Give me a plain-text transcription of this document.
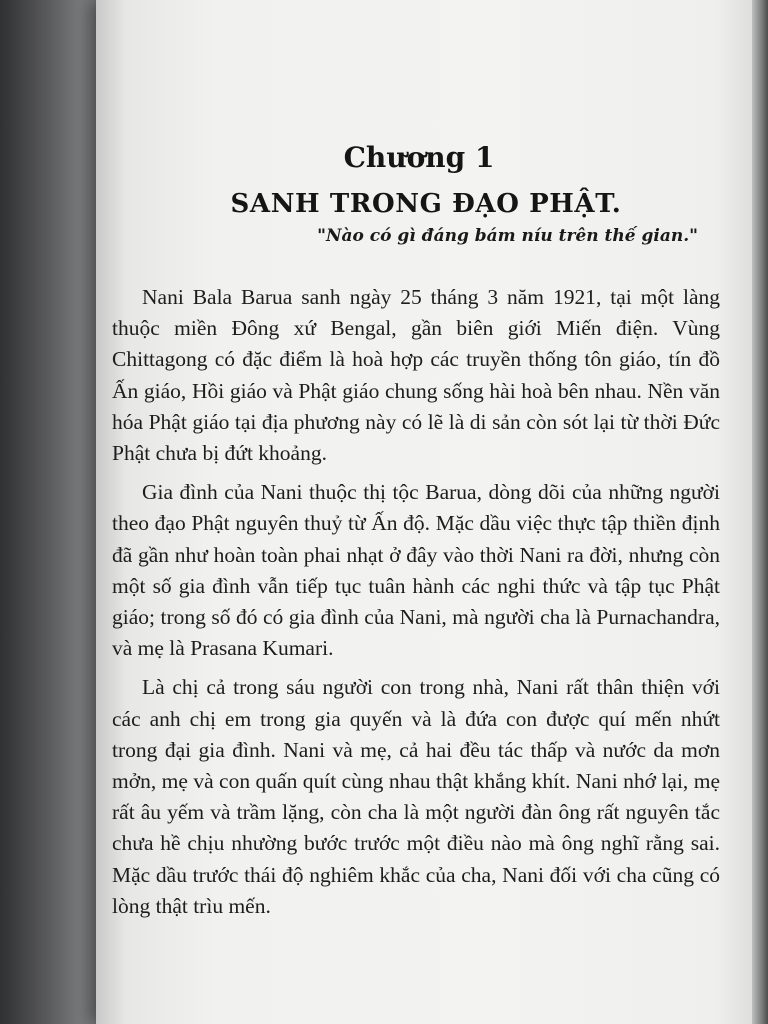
Chương 1
SANH TRONG ĐẠO PHẬT.

"Nào có gì đáng bám níu trên thế gian."

Nani Bala Barua sanh ngày 25 tháng 3 năm 1921, tại một làng thuộc miền Đông xứ Bengal, gần biên giới Miến điện. Vùng Chittagong có đặc điểm là hoà hợp các truyền thống tôn giáo, tín đồ Ấn giáo, Hồi giáo và Phật giáo chung sống hài hoà bên nhau. Nền văn hóa Phật giáo tại địa phương này có lẽ là di sản còn sót lại từ thời Đức Phật chưa bị đứt khoảng.
Gia đình của Nani thuộc thị tộc Barua, dòng dõi của những người theo đạo Phật nguyên thuỷ từ Ấn độ. Mặc dầu việc thực tập thiền định đã gần như hoàn toàn phai nhạt ở đây vào thời Nani ra đời, nhưng còn một số gia đình vẫn tiếp tục tuân hành các nghi thức và tập tục Phật giáo; trong số đó có gia đình của Nani, mà người cha là Purnachandra, và mẹ là Prasana Kumari.
Là chị cả trong sáu người con trong nhà, Nani rất thân thiện với các anh chị em trong gia quyến và là đứa con được quí mến nhứt trong đại gia đình. Nani và mẹ, cả hai đều tác thấp và nước da mơn mởn, mẹ và con quấn quít cùng nhau thật khắng khít. Nani nhớ lại, mẹ rất âu yếm và trầm lặng, còn cha là một người đàn ông rất nguyên tắc chưa hề chịu nhường bước trước một điều nào mà ông nghĩ rằng sai. Mặc dầu trước thái độ nghiêm khắc của cha, Nani đối với cha cũng có lòng thật trìu mến.
